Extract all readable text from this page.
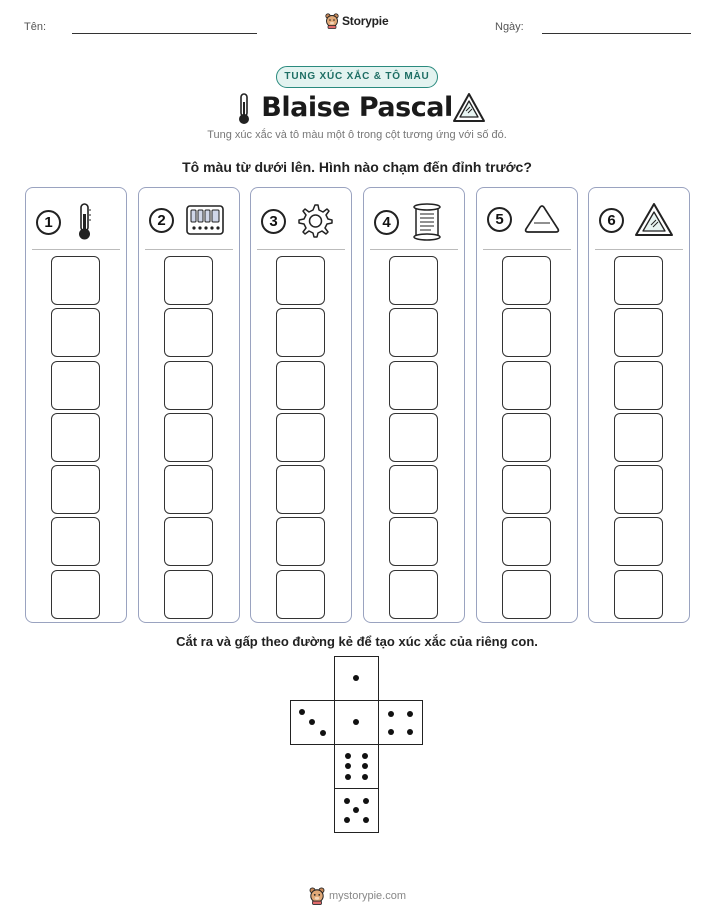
Tên:	Storypie	Ngày:
TUNG XÚC XẮC & TÔ MÀU
Blaise Pascal
Tung xúc xắc và tô màu một ô trong cột tương ứng với số đó.
Tô màu từ dưới lên. Hình nào chạm đến đỉnh trước?
1	2	3	4	5	6
Cắt ra và gấp theo đường kẻ để tạo xúc xắc của riêng con.
mystorypie.com
